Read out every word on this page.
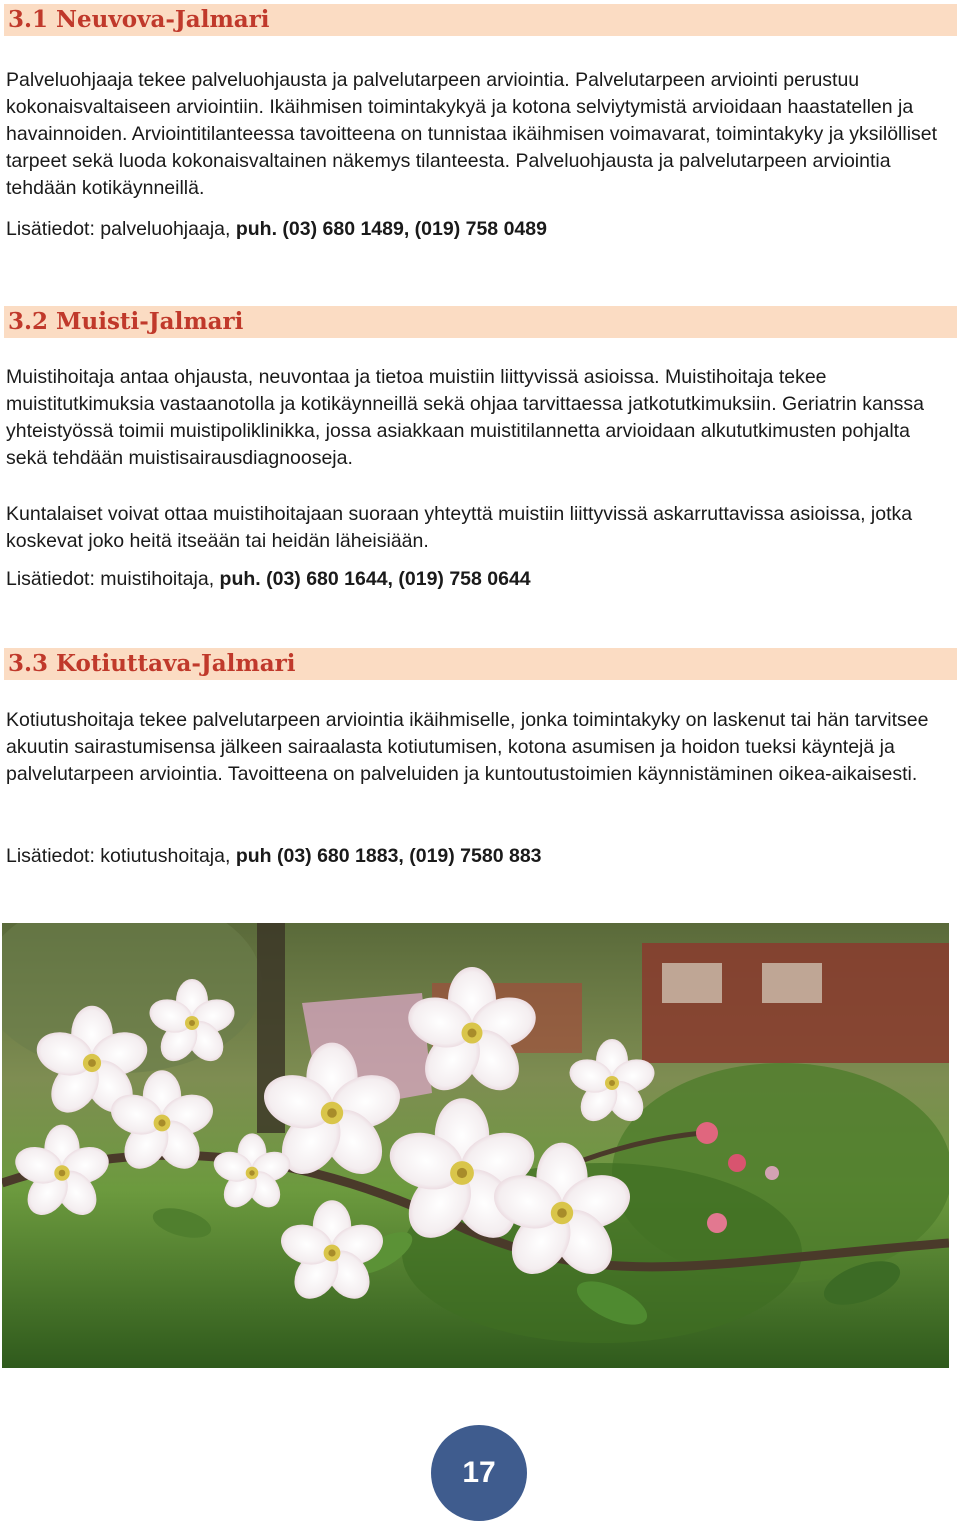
3.1 Neuvova-Jalmari

Palveluohjaaja tekee palveluohjausta ja palvelutarpeen arviointia. Palvelutarpeen arviointi perustuu kokonaisvaltaiseen arviointiin. Ikäihmisen toimintakykyä ja kotona selviytymistä arvioidaan haastatellen ja havainnoiden. Arviointitilanteessa tavoitteena on tunnistaa ikäihmisen voimavarat, toimintakyky ja yksilölliset tarpeet sekä luoda kokonaisvaltainen näkemys tilanteesta. Palveluohjausta ja palvelutarpeen arviointia tehdään kotikäynneillä.

Lisätiedot: palveluohjaaja, puh. (03) 680 1489, (019) 758 0489

3.2 Muisti-Jalmari

Muistihoitaja antaa ohjausta, neuvontaa ja tietoa muistiin liittyvissä asioissa. Muistihoitaja tekee muistitutkimuksia vastaanotolla ja kotikäynneillä sekä ohjaa tarvittaessa jatkotutkimuksiin. Geriatrin kanssa yhteistyössä toimii muistipoliklinikka, jossa asiakkaan muistitilannetta arvioidaan alkututkimusten pohjalta sekä tehdään muistisairausdiagnooseja.

Kuntalaiset voivat ottaa muistihoitajaan suoraan yhteyttä muistiin liittyvissä askarruttavissa asioissa, jotka koskevat joko heitä itseään tai heidän läheisiään.

Lisätiedot: muistihoitaja, puh. (03) 680 1644, (019) 758 0644

3.3 Kotiuttava-Jalmari

Kotiutushoitaja tekee palvelutarpeen arviointia ikäihmiselle, jonka toimintakyky on laskenut tai hän tarvitsee akuutin sairastumisensa jälkeen sairaalasta kotiutumisen, kotona asumisen ja hoidon tueksi käyntejä ja palvelutarpeen arviointia. Tavoitteena on palveluiden ja kuntoutustoimien käynnistäminen oikea-aikaisesti.

Lisätiedot: kotiutushoitaja, puh (03) 680 1883, (019) 7580 883

17
